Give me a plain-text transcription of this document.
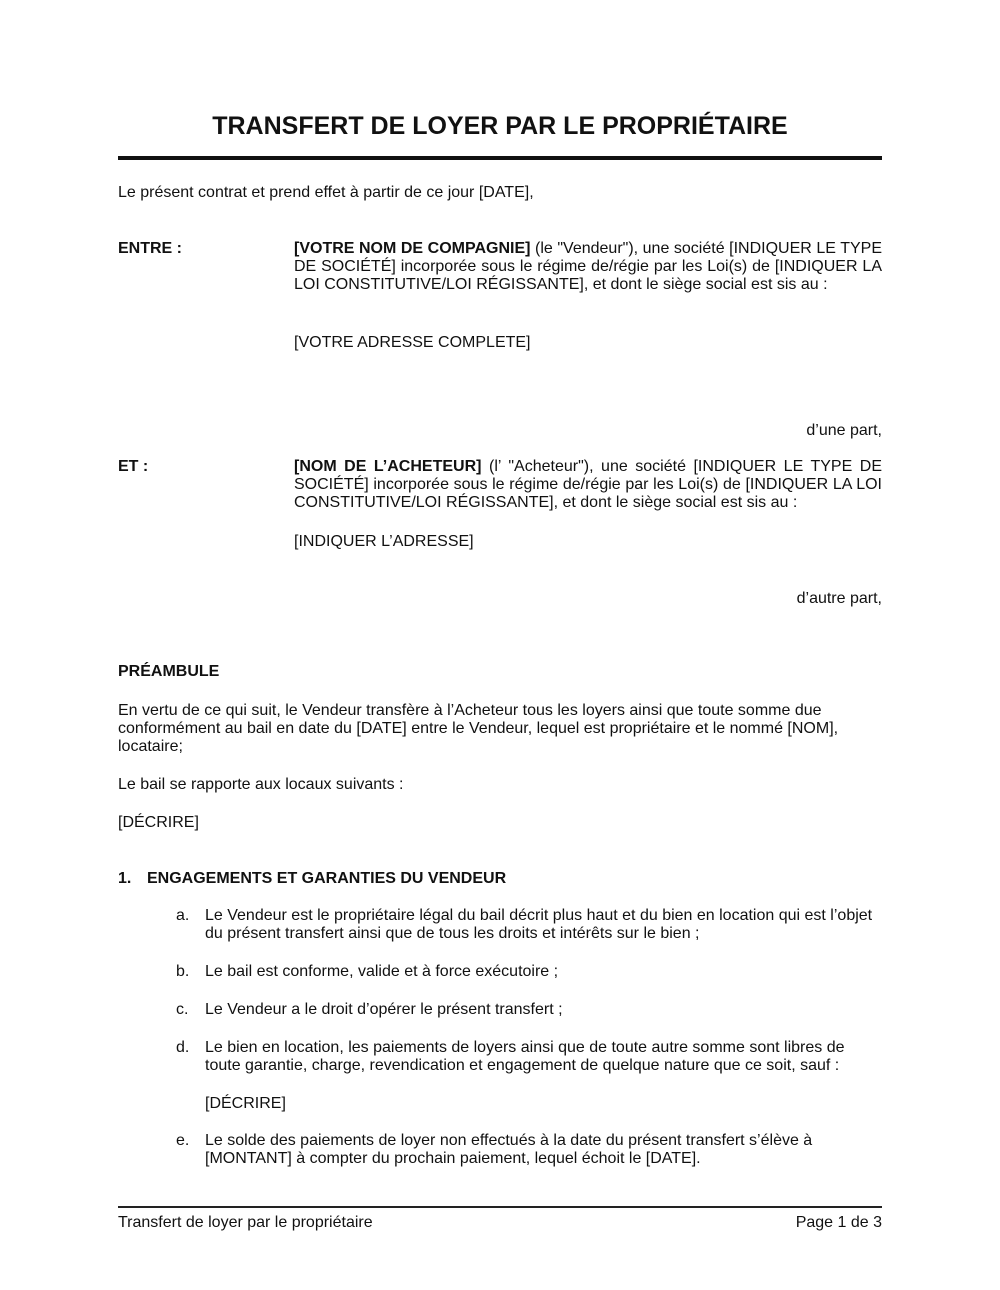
TRANSFERT DE LOYER PAR LE PROPRIÉTAIRE
Le présent contrat et prend effet à partir de ce jour [DATE],
ENTRE :	[VOTRE NOM DE COMPAGNIE] (le "Vendeur"), une société [INDIQUER LE TYPE DE SOCIÉTÉ] incorporée sous le régime de/régie par les Loi(s) de [INDIQUER LA LOI CONSTITUTIVE/LOI RÉGISSANTE], et dont le siège social est sis au :
[VOTRE ADRESSE COMPLETE]
d’une part,
ET :	[NOM DE L’ACHETEUR] (l’ "Acheteur"), une société [INDIQUER LE TYPE DE SOCIÉTÉ] incorporée sous le régime de/régie par les Loi(s) de [INDIQUER LA LOI CONSTITUTIVE/LOI RÉGISSANTE], et dont le siège social est sis au :
[INDIQUER L’ADRESSE]
d’autre part,
PRÉAMBULE
En vertu de ce qui suit, le Vendeur transfère à l’Acheteur tous les loyers ainsi que toute somme due conformément au bail en date du [DATE] entre le Vendeur, lequel est propriétaire et le nommé [NOM], locataire;
Le bail se rapporte aux locaux suivants :
[DÉCRIRE]
1. ENGAGEMENTS ET GARANTIES DU VENDEUR
a. Le Vendeur est le propriétaire légal du bail décrit plus haut et du bien en location qui est l’objet du présent transfert ainsi que de tous les droits et intérêts sur le bien ;
b. Le bail est conforme, valide et à force exécutoire ;
c. Le Vendeur a le droit d’opérer le présent transfert ;
d. Le bien en location, les paiements de loyers ainsi que de toute autre somme sont libres de toute garantie, charge, revendication et engagement de quelque nature que ce soit, sauf :
[DÉCRIRE]
e. Le solde des paiements de loyer non effectués à la date du présent transfert s’élève à [MONTANT] à compter du prochain paiement, lequel échoit le [DATE].
Transfert de loyer par le propriétaire	Page 1 de 3
